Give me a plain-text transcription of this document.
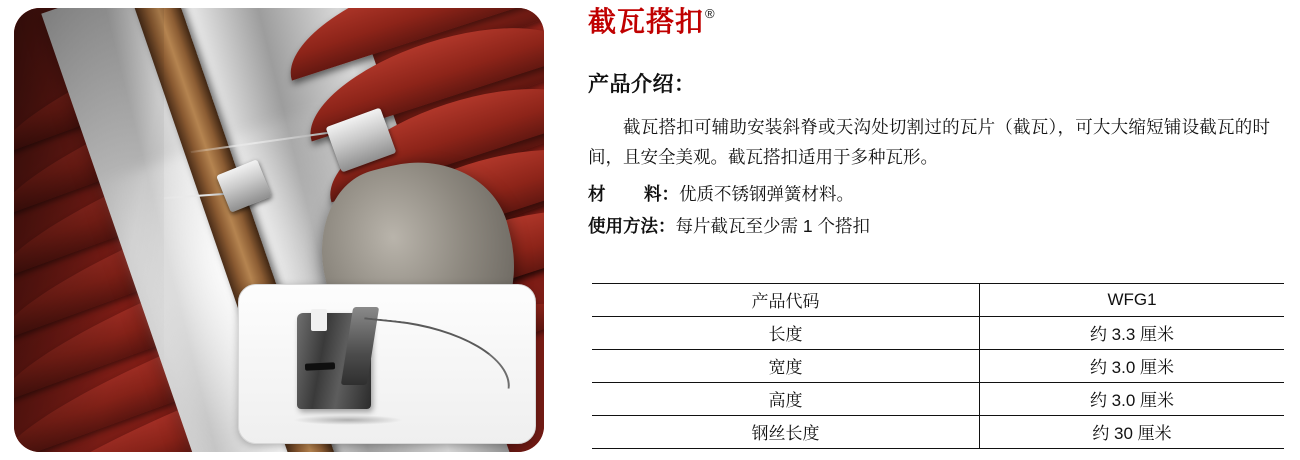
截瓦搭扣 ®
产品介绍：
截瓦搭扣可辅助安装斜脊或天沟处切割过的瓦片（截瓦），可大大缩短铺设截瓦的时间，且安全美观。截瓦搭扣适用于多种瓦形。
材 料：优质不锈钢弹簧材料。
使用方法：每片截瓦至少需 1 个搭扣
产品代码	WFG1
长度	约 3.3 厘米
宽度	约 3.0 厘米
高度	约 3.0 厘米
钢丝长度	约 30 厘米
